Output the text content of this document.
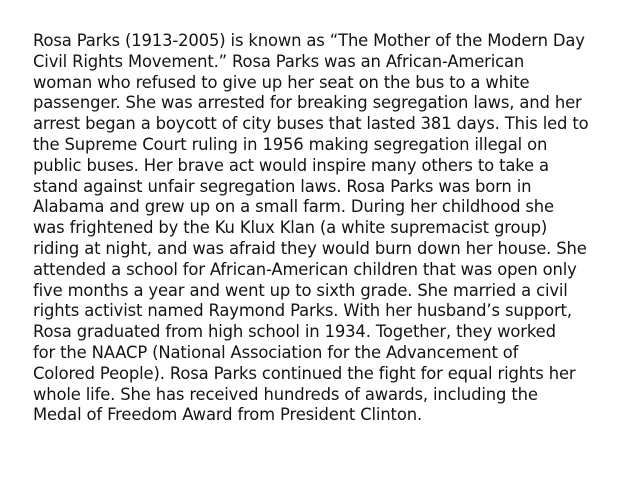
Rosa Parks (1913-2005) is known as “The Mother of the Modern Day
Civil Rights Movement.” Rosa Parks was an African-American
woman who refused to give up her seat on the bus to a white
passenger. She was arrested for breaking segregation laws, and her
arrest began a boycott of city buses that lasted 381 days. This led to
the Supreme Court ruling in 1956 making segregation illegal on
public buses. Her brave act would inspire many others to take a
stand against unfair segregation laws. Rosa Parks was born in
Alabama and grew up on a small farm. During her childhood she
was frightened by the Ku Klux Klan (a white supremacist group)
riding at night, and was afraid they would burn down her house. She
attended a school for African-American children that was open only
five months a year and went up to sixth grade. She married a civil
rights activist named Raymond Parks. With her husband’s support,
Rosa graduated from high school in 1934. Together, they worked
for the NAACP (National Association for the Advancement of
Colored People). Rosa Parks continued the fight for equal rights her
whole life. She has received hundreds of awards, including the
Medal of Freedom Award from President Clinton.
